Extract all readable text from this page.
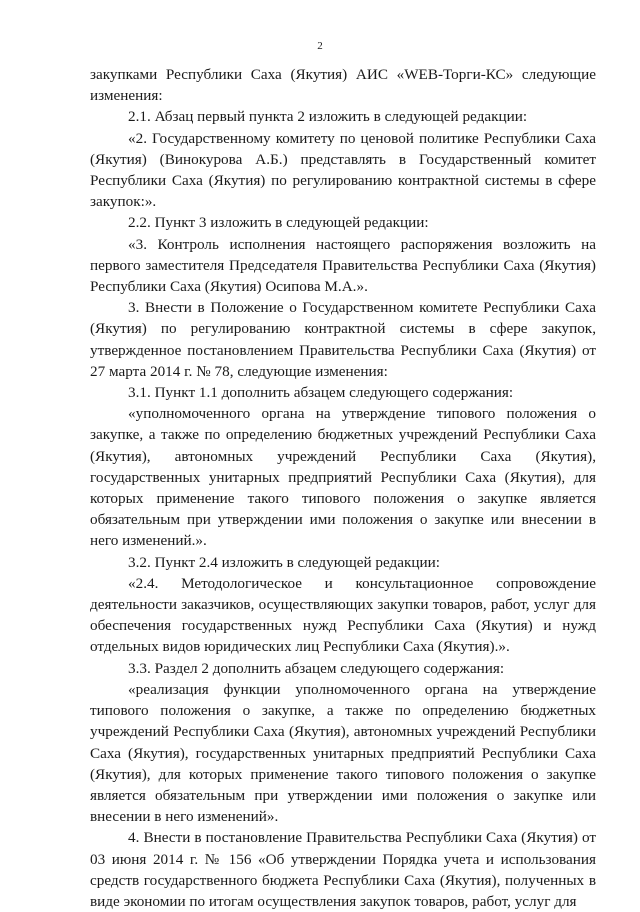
2

закупками Республики Саха (Якутия) АИС «WEB-Торги-КС» следующие изменения:

2.1. Абзац первый пункта 2 изложить в следующей редакции:

«2. Государственному комитету по ценовой политике Республики Саха (Якутия) (Винокурова А.Б.) представлять в Государственный комитет Республики Саха (Якутия) по регулированию контрактной системы в сфере закупок:».

2.2. Пункт 3 изложить в следующей редакции:

«3. Контроль исполнения настоящего распоряжения возложить на первого заместителя Председателя Правительства Республики Саха (Якутия) Республики Саха (Якутия) Осипова М.А.».

3. Внести в Положение о Государственном комитете Республики Саха (Якутия) по регулированию контрактной системы в сфере закупок, утвержденное постановлением Правительства Республики Саха (Якутия) от 27 марта 2014 г. № 78, следующие изменения:

3.1. Пункт 1.1 дополнить абзацем следующего содержания:

«уполномоченного органа на утверждение типового положения о закупке, а также по определению бюджетных учреждений Республики Саха (Якутия), автономных учреждений Республики Саха (Якутия), государственных унитарных предприятий Республики Саха (Якутия), для которых применение такого типового положения о закупке является обязательным при утверждении ими положения о закупке или внесении в него изменений.».

3.2. Пункт 2.4 изложить в следующей редакции:

«2.4. Методологическое и консультационное сопровождение деятельности заказчиков, осуществляющих закупки товаров, работ, услуг для обеспечения государственных нужд Республики Саха (Якутия) и нужд отдельных видов юридических лиц Республики Саха (Якутия).».

3.3. Раздел 2 дополнить абзацем следующего содержания:

«реализация функции уполномоченного органа на утверждение типового положения о закупке, а также по определению бюджетных учреждений Республики Саха (Якутия), автономных учреждений Республики Саха (Якутия), государственных унитарных предприятий Республики Саха (Якутия), для которых применение такого типового положения о закупке является обязательным при утверждении ими положения о закупке или внесении в него изменений».

4. Внести в постановление Правительства Республики Саха (Якутия) от 03 июня 2014 г. № 156 «Об утверждении Порядка учета и использования средств государственного бюджета Республики Саха (Якутия), полученных в виде экономии по итогам осуществления закупок товаров, работ, услуг для
